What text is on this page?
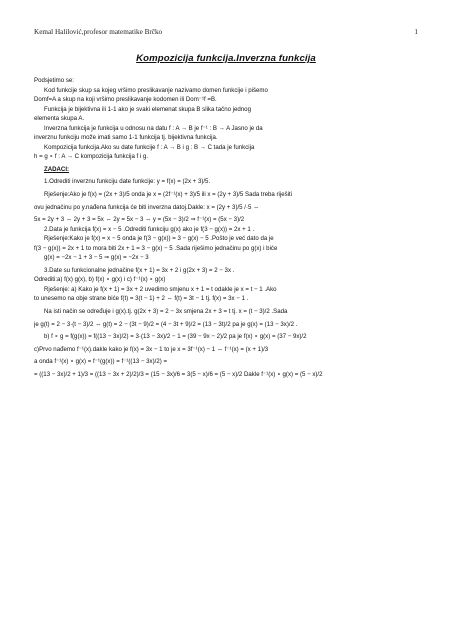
Kemal Halilović,profesor matematike Brčko	1
Kompozicija funkcija.Inverzna funkcija
Podsjetimo se:
Kod funkcije skup sa kojeg vršimo preslikavanje nazivamo domen funkcije i pišemo
Domf=A a skup na koji vršimo preslikavanje kodomen ili Dom⁻¹f =B.
Funkcija je bijektivna ili 1-1 ako je svaki elemenat skupa B slika tačno jednog
elementa skupa A.
Inverzna funkcija je funkcija u odnosu na datu f : A → B je f⁻¹ : B → A Jasno je da
inverznu funkciju može imati samo 1-1 funkcija tj. bijektivna funkcija.
Kompozicija funkcija.Ako su date funkcije f : A → B i g : B → C tada je funkcija
h = g ∘ f : A → C kompozicija funkcija f i g.
ZADACI:
1.Odrediti inverznu funkciju date funkcije: y = f(x) = (2x + 3)/5.
Rješenje:Ako je f(x) = (2x + 3)/5 onda je x = (2f⁻¹(x) + 3)/5 ili x = (2y + 3)/5 Sada treba riješiti
ovu jednačinu po y.nađena funkcija će biti inverzna datoj.Dakle: x = (2y + 3)/5 /·5 ⇔
5x = 2y + 3 ⇔ 2y + 3 = 5x ⇔ 2y = 5x − 3 ⇔ y = (5x − 3)/2 ⇒ f⁻¹(x) = (5x − 3)/2
2.Data je funkcija f(x) = x − 5 .Odrediti funkciju g(x) ako je f(3 − g(x)) = 2x + 1 .
Rješenje:Kako je f(x) = x − 5 onda je f(3 − g(x)) = 3 − g(x) − 5 .Pošto je već dato da je
f(3 − g(x)) = 2x + 1 to mora biti 2x + 1 = 3 − g(x) − 5 .Sada riješimo jednačinu po g(x) i biće
g(x) = −2x − 1 + 3 − 5 ⇒ g(x) = −2x − 3
3.Date su funkcionalne jednačine f(x + 1) = 3x + 2 i g(2x + 3) = 2 − 3x .
Odrediti:a) f(x) g(x), b) f(x) ∘ g(x) i c) f⁻¹(x) ∘ g(x)
Rješenje: a) Kako je f(x + 1) = 3x + 2 uvedimo smjenu x + 1 = t odakle je x = t − 1 .Ako
to unesemo na obje strane biće f(t) = 3(t − 1) + 2 ⇔ f(t) = 3t − 1 tj. f(x) = 3x − 1 .
Na isti način se određuje i g(x).tj. g(2x + 3) = 2 − 3x smjena 2x + 3 = t tj. x = (t − 3)/2 .Sada
je g(t) = 2 − 3·(t − 3)/2 ⇔ g(t) = 2 − (3t − 9)/2 = (4 − 3t + 9)/2 = (13 − 3t)/2 pa je g(x) = (13 − 3x)/2 .
b) f ∘ g = f(g(x)) = f((13 − 3x)/2) = 3·(13 − 3x)/2 − 1 = (39 − 9x − 2)/2 pa je f(x) ∘ g(x) = (37 − 9x)/2
c)Prvo nađemo f⁻¹(x).dakle kako je f(x) = 3x − 1 to je x = 3f⁻¹(x) − 1 ⇔ f⁻¹(x) = (x + 1)/3
a onda f⁻¹(x) ∘ g(x) = f⁻¹(g(x)) = f⁻¹((13 − 3x)/2) =
= ((13 − 3x)/2 + 1)/3 = ((13 − 3x + 2)/2)/3 = (15 − 3x)/6 = 3(5 − x)/6 = (5 − x)/2 Dakle f⁻¹(x) ∘ g(x) = (5 − x)/2
